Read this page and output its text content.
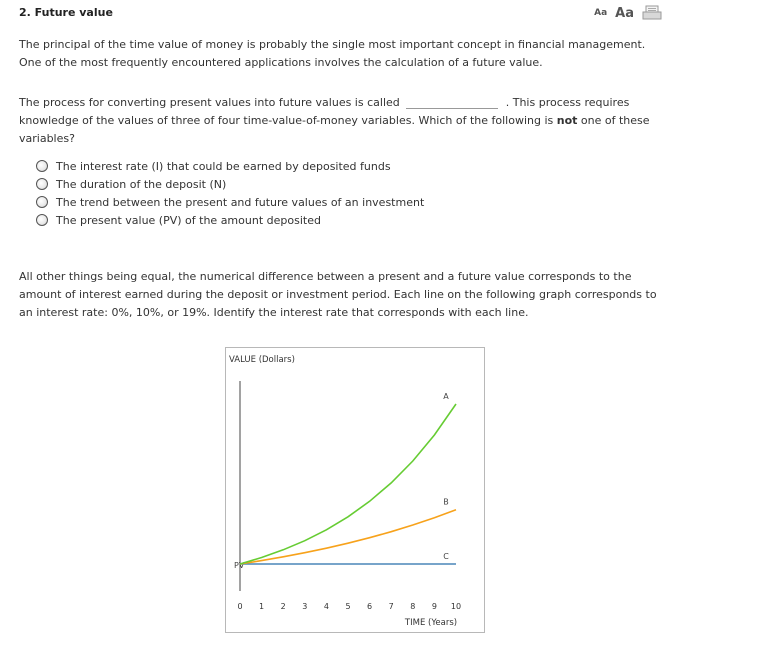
2. Future value	Aa Aa
The principal of the time value of money is probably the single most important concept in financial management. One of the most frequently encountered applications involves the calculation of a future value.
The process for converting present values into future values is called	. This process requires knowledge of the values of three of four time-value-of-money variables. Which of the following is not one of these variables?
The interest rate (I) that could be earned by deposited funds
The duration of the deposit (N)
The trend between the present and future values of an investment
The present value (PV) of the amount deposited
All other things being equal, the numerical difference between a present and a future value corresponds to the amount of interest earned during the deposit or investment period. Each line on the following graph corresponds to an interest rate: 0%, 10%, or 19%. Identify the interest rate that corresponds with each line.
VALUE (Dollars)
TIME (Years)
PV
0 1 2 3 4 5 6 7 8 9 10
A
B
C
